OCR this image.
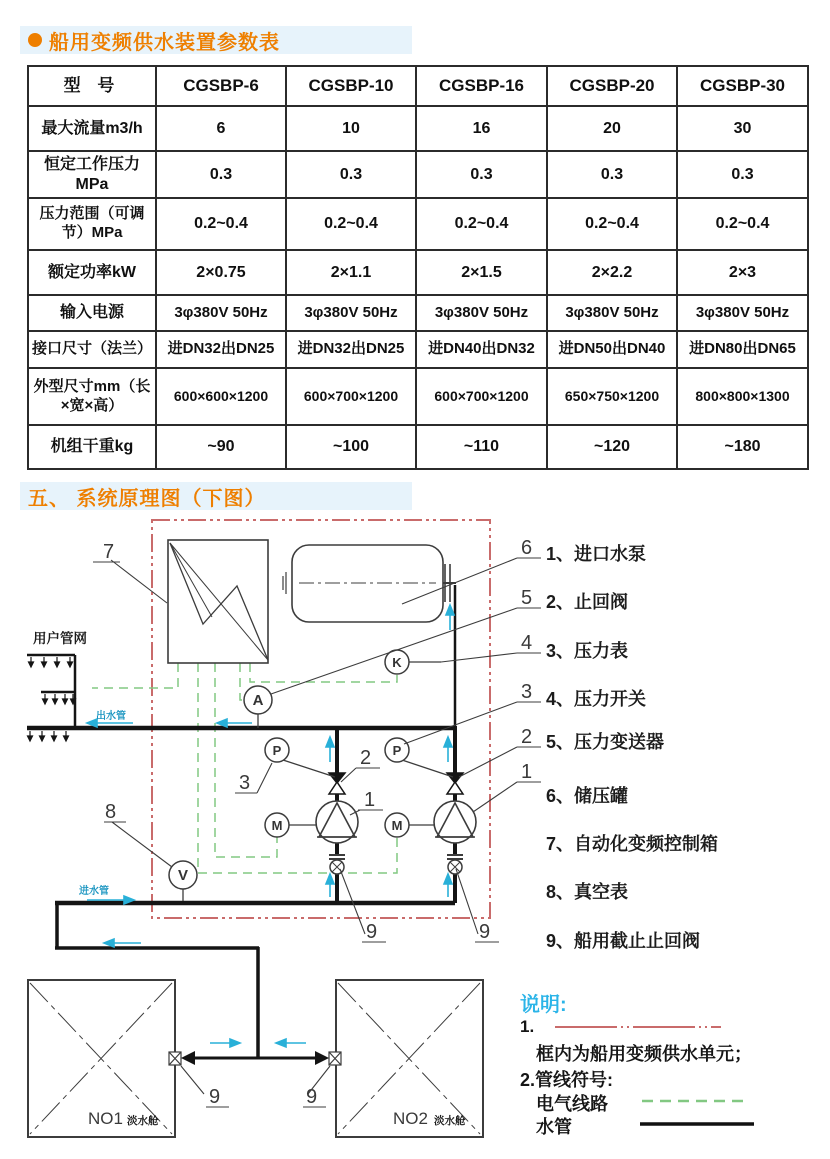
船用变频供水装置参数表
型 号	CGSBP-6	CGSBP-10	CGSBP-16	CGSBP-20	CGSBP-30
最大流量m3/h	6	10	16	20	30
恒定工作压力MPa	0.3	0.3	0.3	0.3	0.3
压力范围（可调节）MPa	0.2~0.4	0.2~0.4	0.2~0.4	0.2~0.4	0.2~0.4
额定功率kW	2×0.75	2×1.1	2×1.5	2×2.2	2×3
输入电源	3φ380V 50Hz	3φ380V 50Hz	3φ380V 50Hz	3φ380V 50Hz	3φ380V 50Hz
接口尺寸（法兰）	进DN32出DN25	进DN32出DN25	进DN40出DN32	进DN50出DN40	进DN80出DN65
外型尺寸mm（长×宽×高）	600×600×1200	600×700×1200	600×700×1200	650×750×1200	800×800×1300
机组干重kg	~90	~100	~110	~120	~180
五、 系统原理图（下图）
A
K
P	P
M	M
V
NO1 淡水舱	NO2 淡水舱
用户管网
出水管
进水管
7	6
5
4
3
2
1
3
2
1
8
9	9
9	9
1、进口水泵
2、止回阀
3、压力表
4、压力开关
5、压力变送器
6、储压罐
7、自动化变频控制箱
8、真空表
9、船用截止止回阀
说明:
1.
框内为船用变频供水单元；
2.管线符号:
电气线路
水管
